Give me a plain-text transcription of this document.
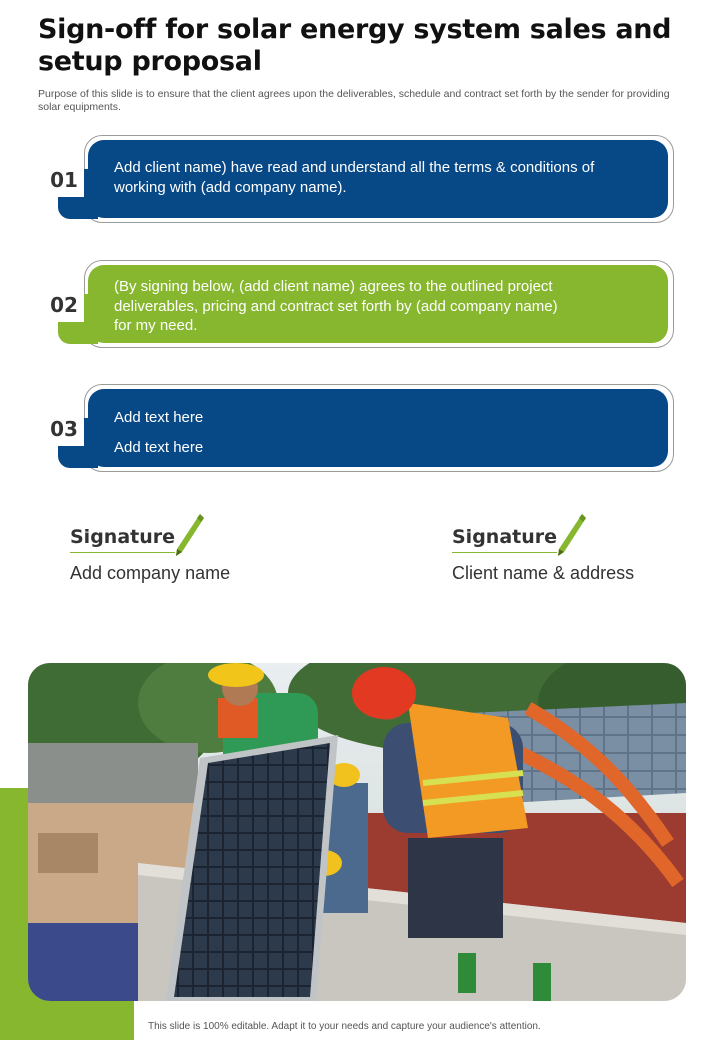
Sign-off for solar energy system sales and setup proposal
Purpose of this slide is to ensure that the client agrees upon the deliverables, schedule and contract set forth by the sender for providing solar equipments.
01
Add client name) have read and understand all the terms & conditions of
working with (add company name).
02
(By signing below, (add client name) agrees to the outlined project
deliverables, pricing and contract set forth by (add company name)
for my need.
03	Add text here
Add text here
Signature
Add company name
Signature
Client name & address
This slide is 100% editable. Adapt it to your needs and capture your audience's attention.
